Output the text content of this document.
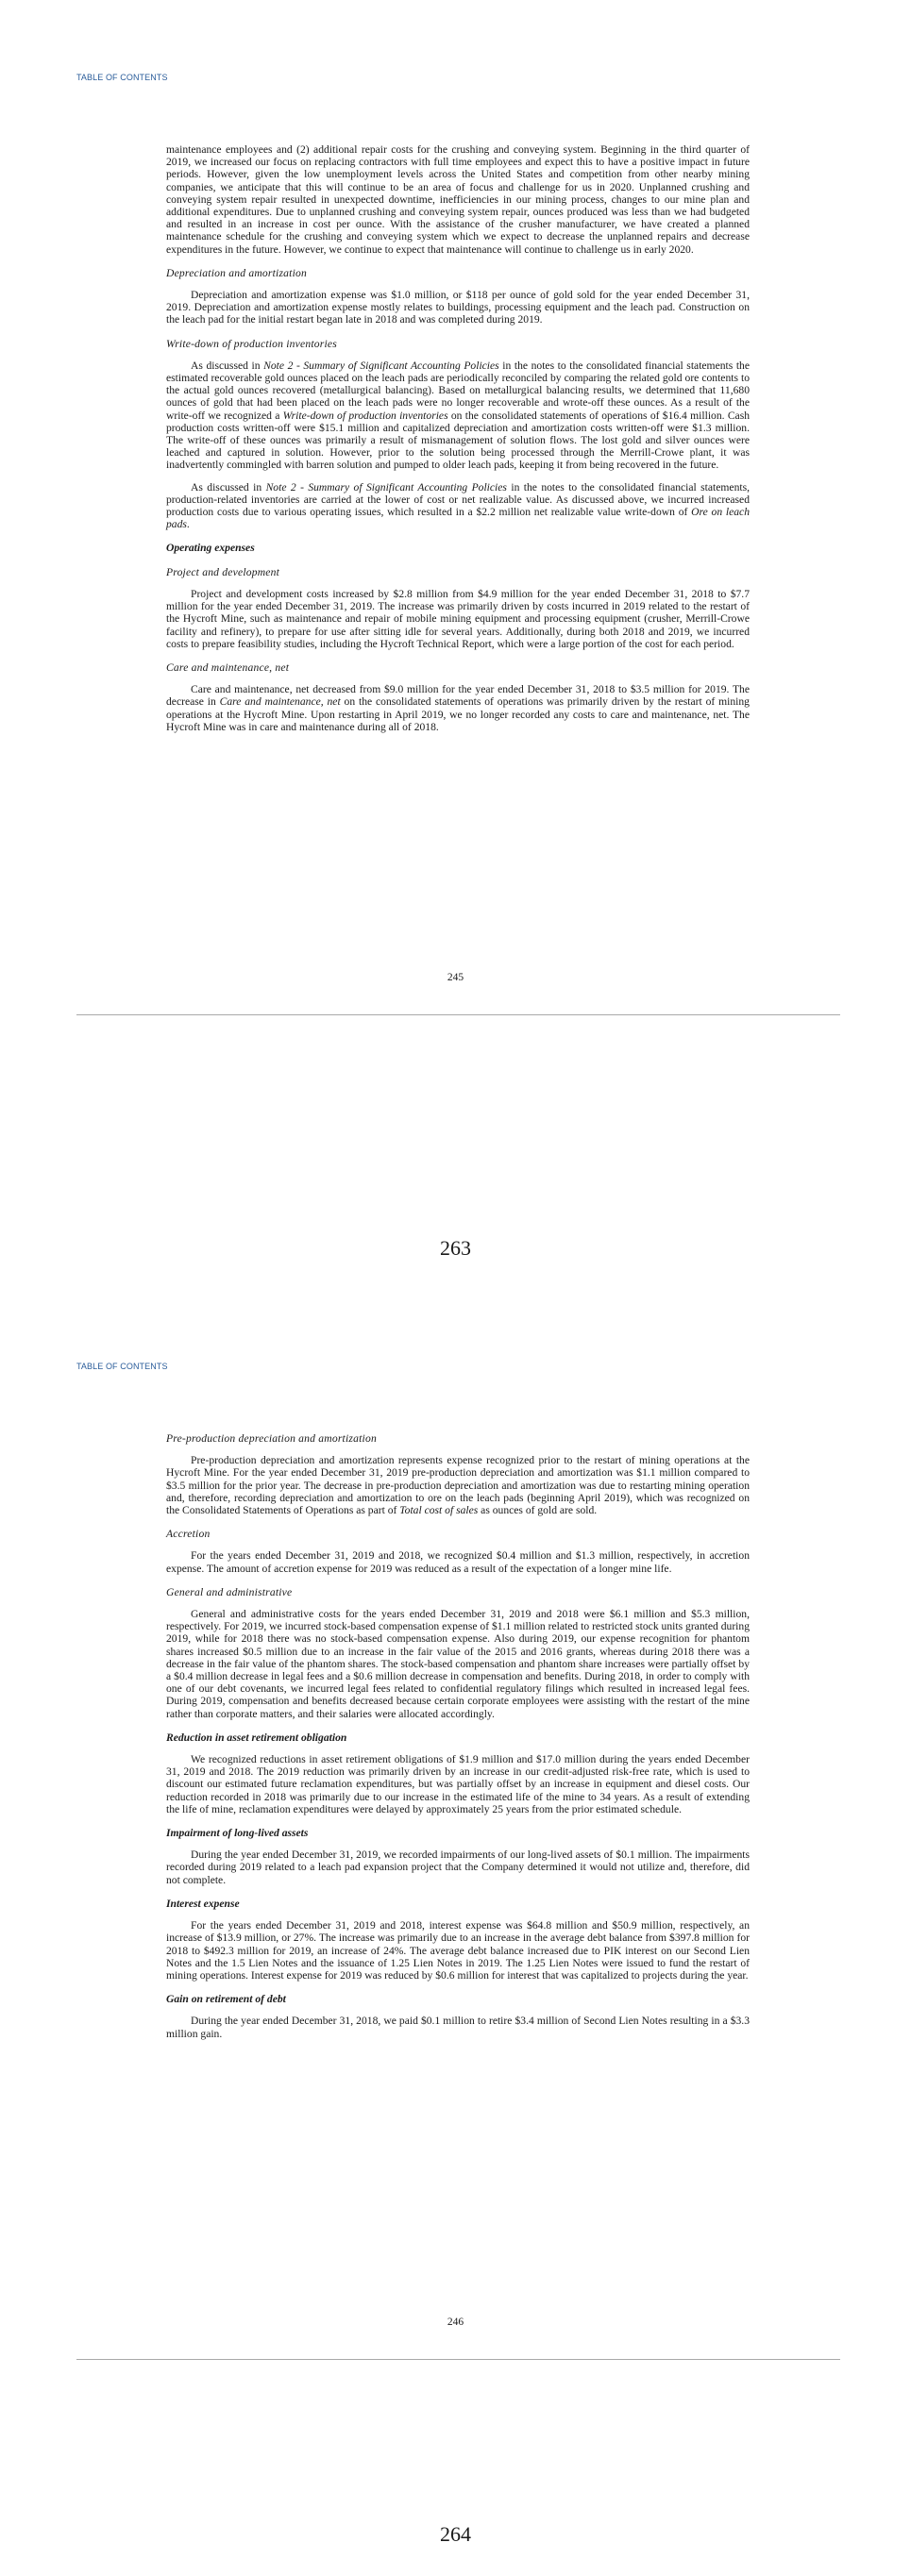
TABLE OF CONTENTS

maintenance employees and (2) additional repair costs for the crushing and conveying system. Beginning in the third quarter of 2019, we increased our focus on replacing contractors with full time employees and expect this to have a positive impact in future periods. However, given the low unemployment levels across the United States and competition from other nearby mining companies, we anticipate that this will continue to be an area of focus and challenge for us in 2020. Unplanned crushing and conveying system repair resulted in unexpected downtime, inefficiencies in our mining process, changes to our mine plan and additional expenditures. Due to unplanned crushing and conveying system repair, ounces produced was less than we had budgeted and resulted in an increase in cost per ounce. With the assistance of the crusher manufacturer, we have created a planned maintenance schedule for the crushing and conveying system which we expect to decrease the unplanned repairs and decrease expenditures in the future. However, we continue to expect that maintenance will continue to challenge us in early 2020.

Depreciation and amortization

Depreciation and amortization expense was $1.0 million, or $118 per ounce of gold sold for the year ended December 31, 2019. Depreciation and amortization expense mostly relates to buildings, processing equipment and the leach pad. Construction on the leach pad for the initial restart began late in 2018 and was completed during 2019.

Write-down of production inventories

As discussed in Note 2 - Summary of Significant Accounting Policies in the notes to the consolidated financial statements the estimated recoverable gold ounces placed on the leach pads are periodically reconciled by comparing the related gold ore contents to the actual gold ounces recovered (metallurgical balancing). Based on metallurgical balancing results, we determined that 11,680 ounces of gold that had been placed on the leach pads were no longer recoverable and wrote-off these ounces. As a result of the write-off we recognized a Write-down of production inventories on the consolidated statements of operations of $16.4 million. Cash production costs written-off were $15.1 million and capitalized depreciation and amortization costs written-off were $1.3 million. The write-off of these ounces was primarily a result of mismanagement of solution flows. The lost gold and silver ounces were leached and captured in solution. However, prior to the solution being processed through the Merrill-Crowe plant, it was inadvertently commingled with barren solution and pumped to older leach pads, keeping it from being recovered in the future.

As discussed in Note 2 - Summary of Significant Accounting Policies in the notes to the consolidated financial statements, production-related inventories are carried at the lower of cost or net realizable value. As discussed above, we incurred increased production costs due to various operating issues, which resulted in a $2.2 million net realizable value write-down of Ore on leach pads.

Operating expenses
Project and development

Project and development costs increased by $2.8 million from $4.9 million for the year ended December 31, 2018 to $7.7 million for the year ended December 31, 2019. The increase was primarily driven by costs incurred in 2019 related to the restart of the Hycroft Mine, such as maintenance and repair of mobile mining equipment and processing equipment (crusher, Merrill-Crowe facility and refinery), to prepare for use after sitting idle for several years. Additionally, during both 2018 and 2019, we incurred costs to prepare feasibility studies, including the Hycroft Technical Report, which were a large portion of the cost for each period.

Care and maintenance, net

Care and maintenance, net decreased from $9.0 million for the year ended December 31, 2018 to $3.5 million for 2019. The decrease in Care and maintenance, net on the consolidated statements of operations was primarily driven by the restart of mining operations at the Hycroft Mine. Upon restarting in April 2019, we no longer recorded any costs to care and maintenance, net. The Hycroft Mine was in care and maintenance during all of 2018.

245
263
TABLE OF CONTENTS
Pre-production depreciation and amortization

Pre-production depreciation and amortization represents expense recognized prior to the restart of mining operations at the Hycroft Mine. For the year ended December 31, 2019 pre-production depreciation and amortization was $1.1 million compared to $3.5 million for the prior year. The decrease in pre-production depreciation and amortization was due to restarting mining operation and, therefore, recording depreciation and amortization to ore on the leach pads (beginning April 2019), which was recognized on the Consolidated Statements of Operations as part of Total cost of sales as ounces of gold are sold.

Accretion

For the years ended December 31, 2019 and 2018, we recognized $0.4 million and $1.3 million, respectively, in accretion expense. The amount of accretion expense for 2019 was reduced as a result of the expectation of a longer mine life.

General and administrative

General and administrative costs for the years ended December 31, 2019 and 2018 were $6.1 million and $5.3 million, respectively. For 2019, we incurred stock-based compensation expense of $1.1 million related to restricted stock units granted during 2019, while for 2018 there was no stock-based compensation expense. Also during 2019, our expense recognition for phantom shares increased $0.5 million due to an increase in the fair value of the 2015 and 2016 grants, whereas during 2018 there was a decrease in the fair value of the phantom shares. The stock-based compensation and phantom share increases were partially offset by a $0.4 million decrease in legal fees and a $0.6 million decrease in compensation and benefits. During 2018, in order to comply with one of our debt covenants, we incurred legal fees related to confidential regulatory filings which resulted in increased legal fees. During 2019, compensation and benefits decreased because certain corporate employees were assisting with the restart of the mine rather than corporate matters, and their salaries were allocated accordingly.

Reduction in asset retirement obligation

We recognized reductions in asset retirement obligations of $1.9 million and $17.0 million during the years ended December 31, 2019 and 2018. The 2019 reduction was primarily driven by an increase in our credit-adjusted risk-free rate, which is used to discount our estimated future reclamation expenditures, but was partially offset by an increase in equipment and diesel costs. Our reduction recorded in 2018 was primarily due to our increase in the estimated life of the mine to 34 years. As a result of extending the life of mine, reclamation expenditures were delayed by approximately 25 years from the prior estimated schedule.

Impairment of long-lived assets

During the year ended December 31, 2019, we recorded impairments of our long-lived assets of $0.1 million. The impairments recorded during 2019 related to a leach pad expansion project that the Company determined it would not utilize and, therefore, did not complete.

Interest expense

For the years ended December 31, 2019 and 2018, interest expense was $64.8 million and $50.9 million, respectively, an increase of $13.9 million, or 27%. The increase was primarily due to an increase in the average debt balance from $397.8 million for 2018 to $492.3 million for 2019, an increase of 24%. The average debt balance increased due to PIK interest on our Second Lien Notes and the 1.5 Lien Notes and the issuance of 1.25 Lien Notes in 2019. The 1.25 Lien Notes were issued to fund the restart of mining operations. Interest expense for 2019 was reduced by $0.6 million for interest that was capitalized to projects during the year.

Gain on retirement of debt

During the year ended December 31, 2018, we paid $0.1 million to retire $3.4 million of Second Lien Notes resulting in a $3.3 million gain.

246
264
